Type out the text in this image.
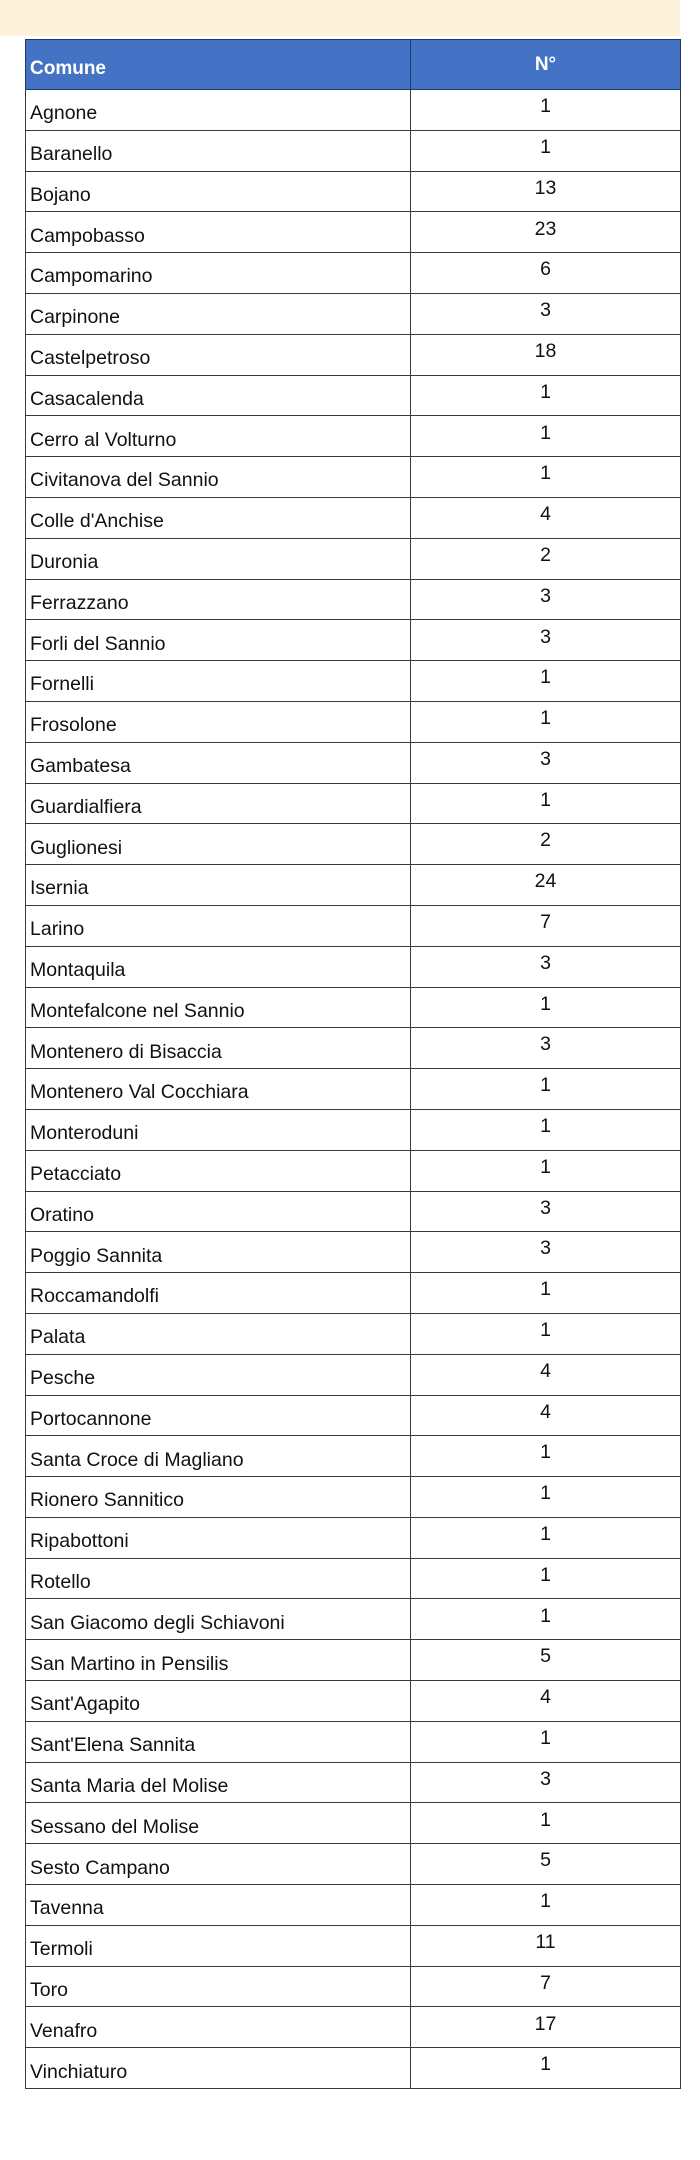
Comune	N°
Agnone	1
Baranello	1
Bojano	13
Campobasso	23
Campomarino	6
Carpinone	3
Castelpetroso	18
Casacalenda	1
Cerro al Volturno	1
Civitanova del Sannio	1
Colle d'Anchise	4
Duronia	2
Ferrazzano	3
Forli del Sannio	3
Fornelli	1
Frosolone	1
Gambatesa	3
Guardialfiera	1
Guglionesi	2
Isernia	24
Larino	7
Montaquila	3
Montefalcone nel Sannio	1
Montenero di Bisaccia	3
Montenero Val Cocchiara	1
Monteroduni	1
Petacciato	1
Oratino	3
Poggio Sannita	3
Roccamandolfi	1
Palata	1
Pesche	4
Portocannone	4
Santa Croce di Magliano	1
Rionero Sannitico	1
Ripabottoni	1
Rotello	1
San Giacomo degli Schiavoni	1
San Martino in Pensilis	5
Sant'Agapito	4
Sant'Elena Sannita	1
Santa Maria del Molise	3
Sessano del Molise	1
Sesto Campano	5
Tavenna	1
Termoli	11
Toro	7
Venafro	17
Vinchiaturo	1
